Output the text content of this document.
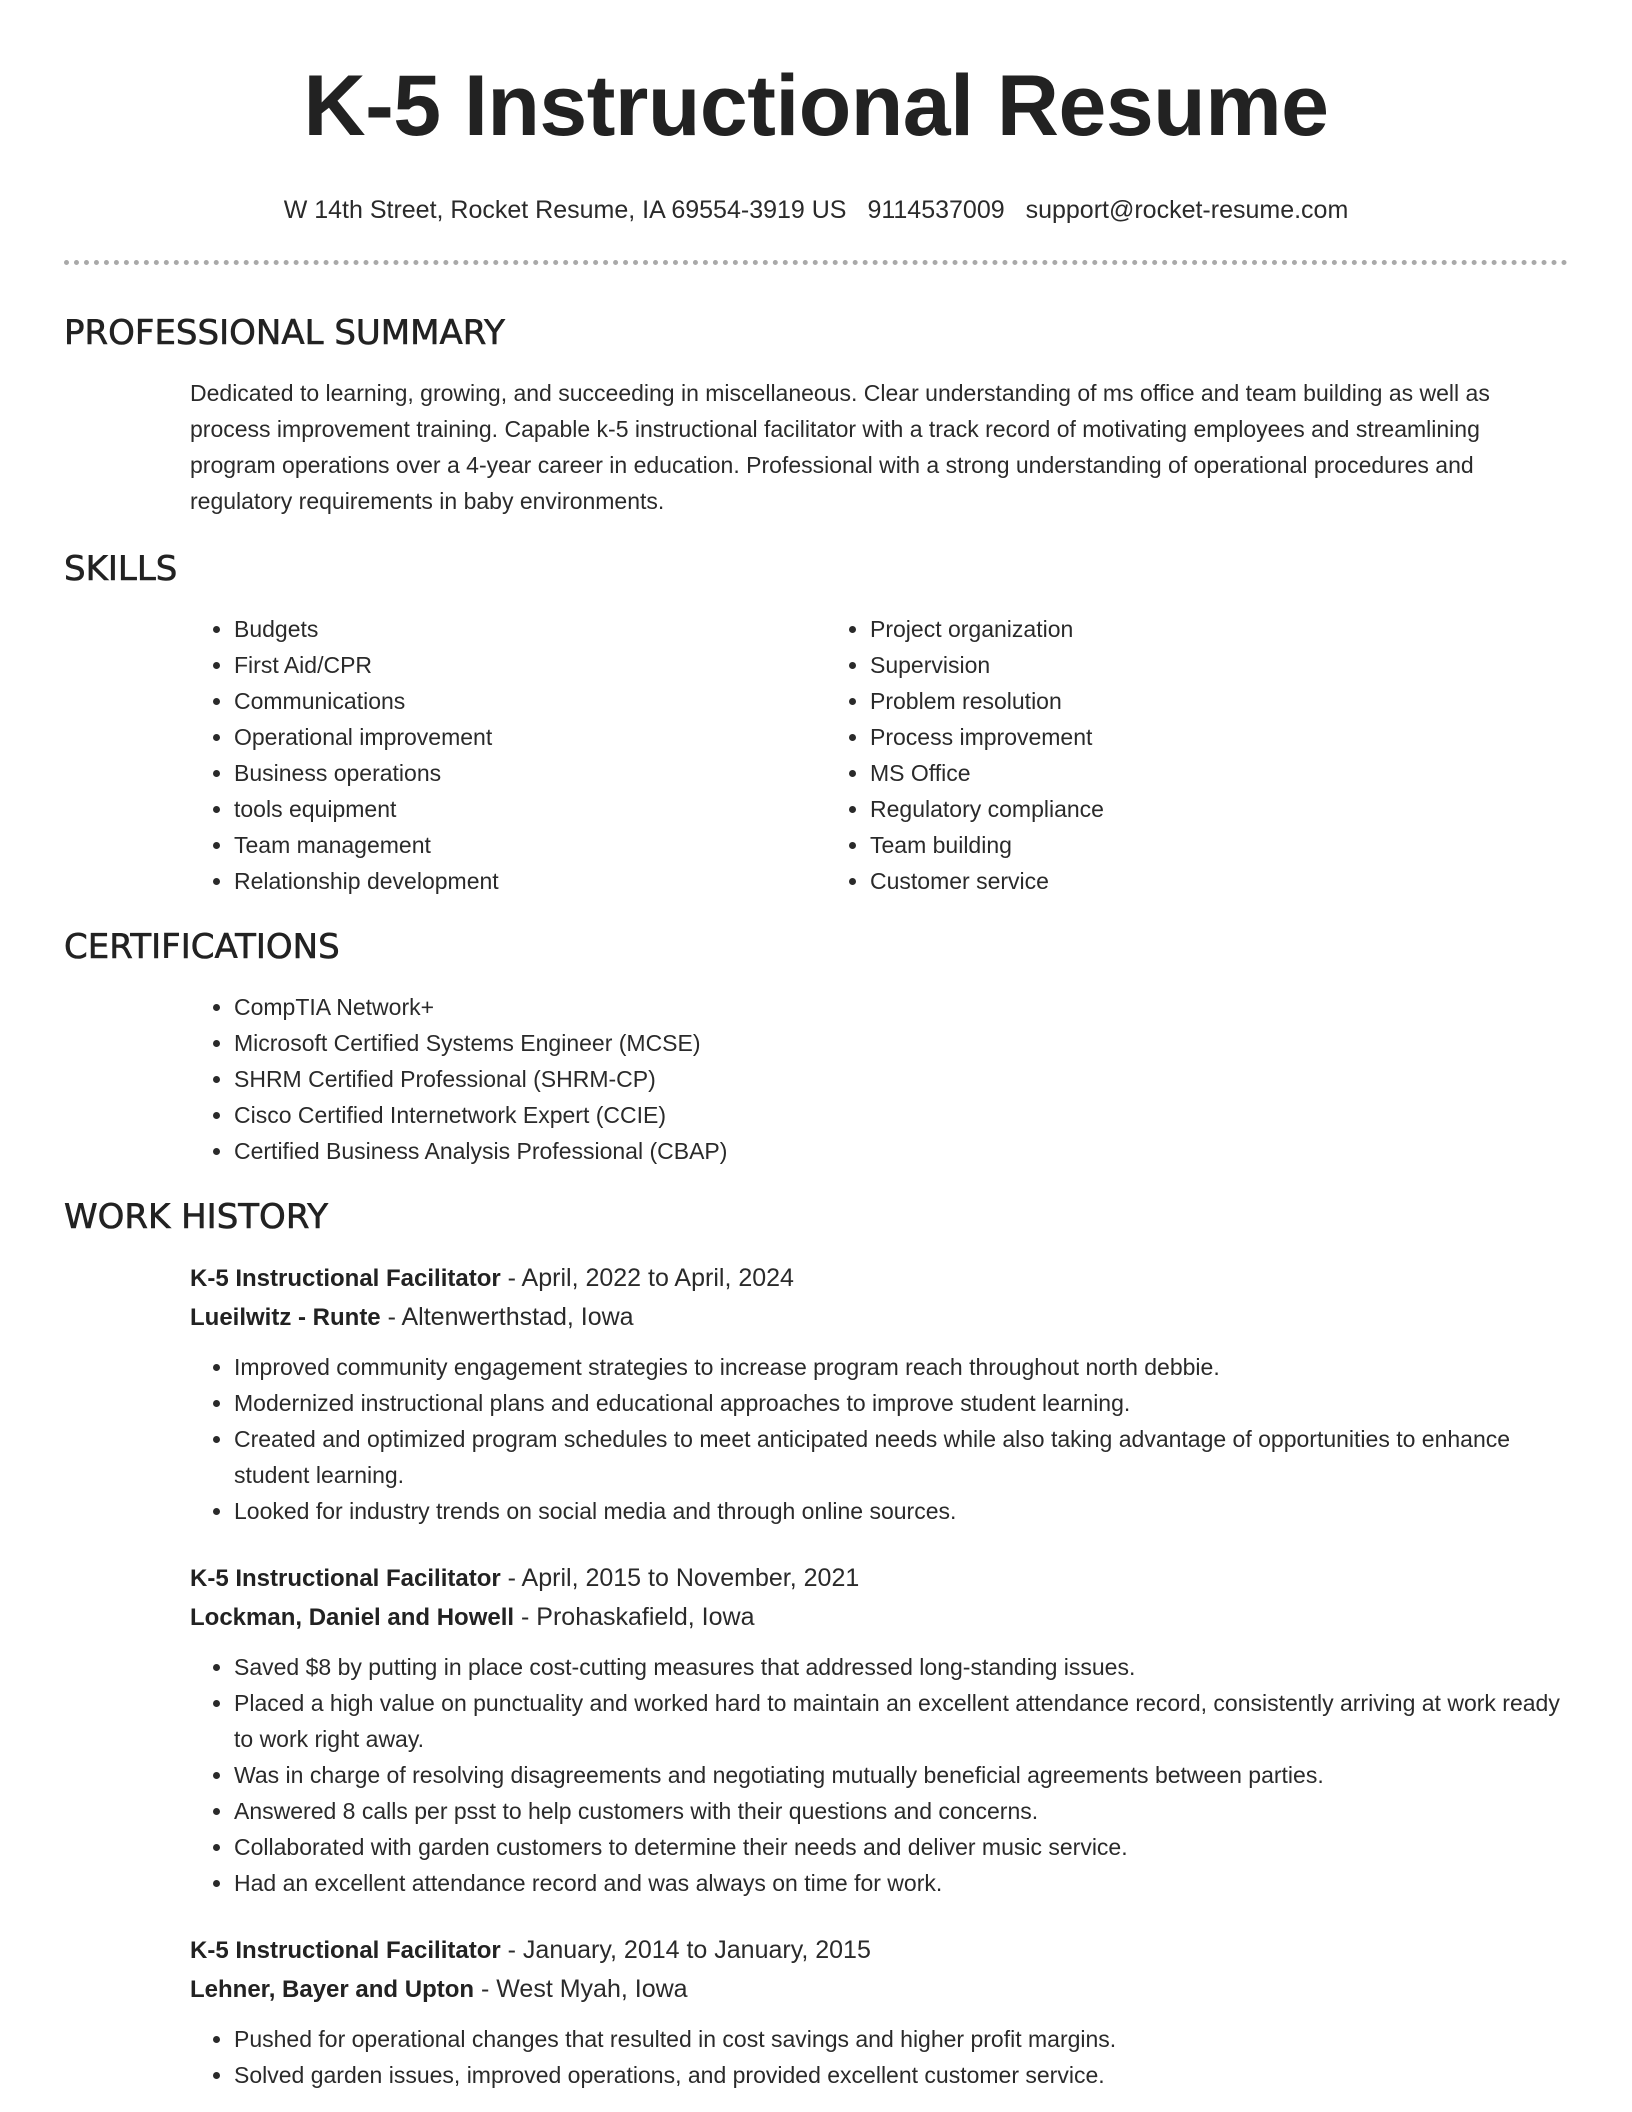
K-5 Instructional Resume
W 14th Street, Rocket Resume, IA 69554-3919 US 9114537009 support@rocket-resume.com
PROFESSIONAL SUMMARY
Dedicated to learning, growing, and succeeding in miscellaneous. Clear understanding of ms office and team building as well as process improvement training. Capable k-5 instructional facilitator with a track record of motivating employees and streamlining program operations over a 4-year career in education. Professional with a strong understanding of operational procedures and regulatory requirements in baby environments.
SKILLS
• Budgets
• First Aid/CPR
• Communications
• Operational improvement
• Business operations
• tools equipment
• Team management
• Relationship development
• Project organization
• Supervision
• Problem resolution
• Process improvement
• MS Office
• Regulatory compliance
• Team building
• Customer service
CERTIFICATIONS
• CompTIA Network+
• Microsoft Certified Systems Engineer (MCSE)
• SHRM Certified Professional (SHRM-CP)
• Cisco Certified Internetwork Expert (CCIE)
• Certified Business Analysis Professional (CBAP)
WORK HISTORY
K-5 Instructional Facilitator - April, 2022 to April, 2024
Lueilwitz - Runte - Altenwerthstad, Iowa
• Improved community engagement strategies to increase program reach throughout north debbie.
• Modernized instructional plans and educational approaches to improve student learning.
• Created and optimized program schedules to meet anticipated needs while also taking advantage of opportunities to enhance student learning.
• Looked for industry trends on social media and through online sources.
K-5 Instructional Facilitator - April, 2015 to November, 2021
Lockman, Daniel and Howell - Prohaskafield, Iowa
• Saved $8 by putting in place cost-cutting measures that addressed long-standing issues.
• Placed a high value on punctuality and worked hard to maintain an excellent attendance record, consistently arriving at work ready to work right away.
• Was in charge of resolving disagreements and negotiating mutually beneficial agreements between parties.
• Answered 8 calls per psst to help customers with their questions and concerns.
• Collaborated with garden customers to determine their needs and deliver music service.
• Had an excellent attendance record and was always on time for work.
K-5 Instructional Facilitator - January, 2014 to January, 2015
Lehner, Bayer and Upton - West Myah, Iowa
• Pushed for operational changes that resulted in cost savings and higher profit margins.
• Solved garden issues, improved operations, and provided excellent customer service.
